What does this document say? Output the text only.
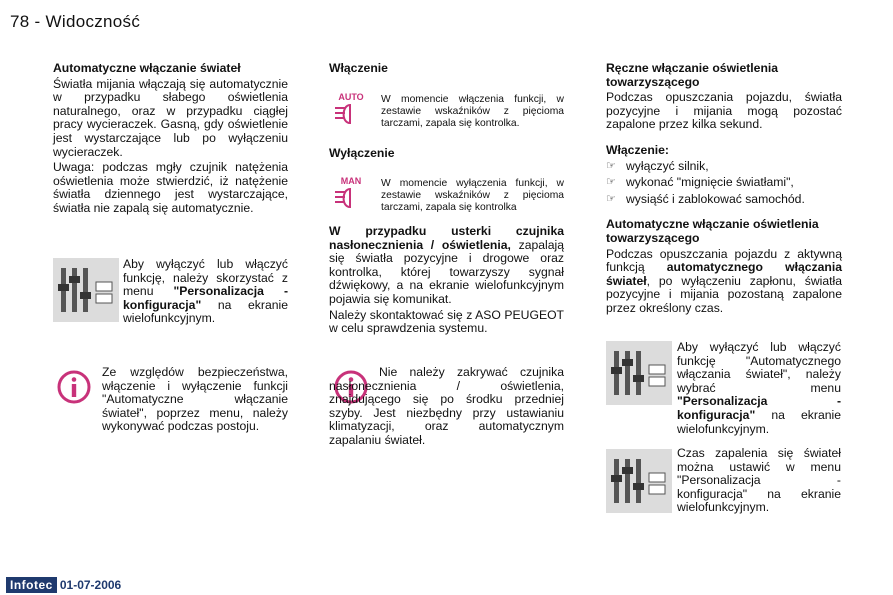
78 - Widoczność

Automatyczne włączanie świateł

Światła mijania włączają się automatycznie w przypadku słabego oświetlenia naturalnego, oraz w przypadku ciągłej pracy wycieraczek. Gasną, gdy oświetlenie jest wystarczające lub po wyłączeniu wycieraczek.

Uwaga: podczas mgły czujnik natężenia oświetlenia może stwierdzić, iż natężenie światła dziennego jest wystarczające, światła nie zapalą się automatycznie.

Aby wyłączyć lub włączyć funkcję, należy skorzystać z menu "Personalizacja - konfiguracja" na ekranie wielofunkcyjnym.
Ze względów bezpieczeństwa, włączenie i wyłączenie funkcji "Automatyczne włączanie świateł", poprzez menu, należy wykonywać podczas postoju.

Włączenie

AUTO	W momencie włączenia funkcji, w zestawie wskaźników z pięcioma tarczami, zapala się kontrolka.

Wyłączenie

MAN	W momencie wyłączenia funkcji, w zestawie wskaźników z pięcioma tarczami, zapala się kontrolka

W przypadku usterki czujnika nasłonecznienia / oświetlenia, zapalają się światła pozycyjne i drogowe oraz kontrolka, której towarzyszy sygnał dźwiękowy, a na ekranie wielofunkcyjnym pojawia się komunikat.

Należy skontaktować się z ASO PEUGEOT w celu sprawdzenia systemu.

Nie należy zakrywać czujnika nasłonecznienia / oświetlenia, znajdującego się po środku przedniej szyby. Jest niezbędny przy ustawianiu klimatyzacji, oraz automatycznym zapalaniu świateł.

Ręczne włączanie oświetlenia towarzyszącego

Podczas opuszczania pojazdu, światła pozycyjne i mijania mogą pozostać zapalone przez kilka sekund.

Włączenie:

☞ wyłączyć silnik,
☞ wykonać "mignięcie światłami",
☞ wysiąść i zablokować samochód.

Automatyczne włączanie oświetlenia towarzyszącego

Podczas opuszczania pojazdu z aktywną funkcją automatycznego włączania świateł, po wyłączeniu zapłonu, światła pozycyjne i mijania pozostaną zapalone przez określony czas.

Aby wyłączyć lub włączyć funkcję "Automatycznego włączania świateł", należy wybrać menu "Personalizacja - konfiguracja" na ekranie wielofunkcyjnym.
Czas zapalenia się świateł można ustawić w menu "Personalizacja - konfiguracja" na ekranie wielofunkcyjnym.
Infotec 01-07-2006
